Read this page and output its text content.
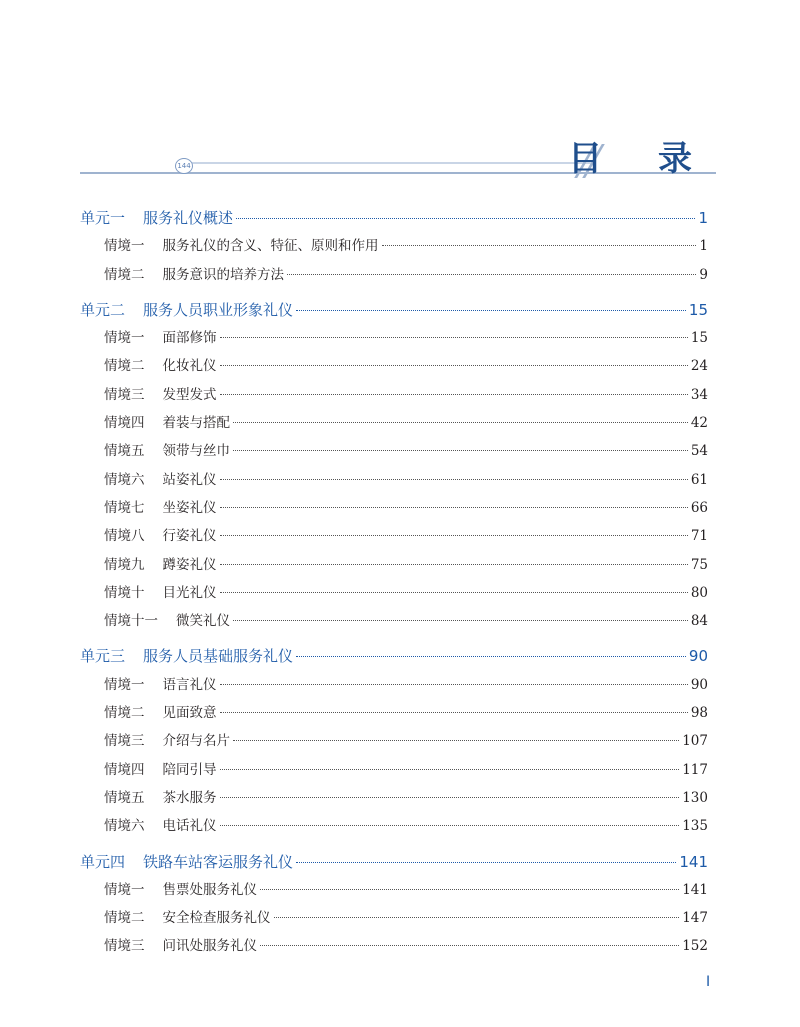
144	目 录
单元一 服务礼仪概述	1
情境一 服务礼仪的含义、特征、原则和作用	1
情境二 服务意识的培养方法	9
单元二 服务人员职业形象礼仪	15
情境一 面部修饰	15
情境二 化妆礼仪	24
情境三 发型发式	34
情境四 着装与搭配	42
情境五 领带与丝巾	54
情境六 站姿礼仪	61
情境七 坐姿礼仪	66
情境八 行姿礼仪	71
情境九 蹲姿礼仪	75
情境十 目光礼仪	80
情境十一 微笑礼仪	84
单元三 服务人员基础服务礼仪	90
情境一 语言礼仪	90
情境二 见面致意	98
情境三 介绍与名片	107
情境四 陪同引导	117
情境五 茶水服务	130
情境六 电话礼仪	135
单元四 铁路车站客运服务礼仪	141
情境一 售票处服务礼仪	141
情境二 安全检查服务礼仪	147
情境三 问讯处服务礼仪	152
I
